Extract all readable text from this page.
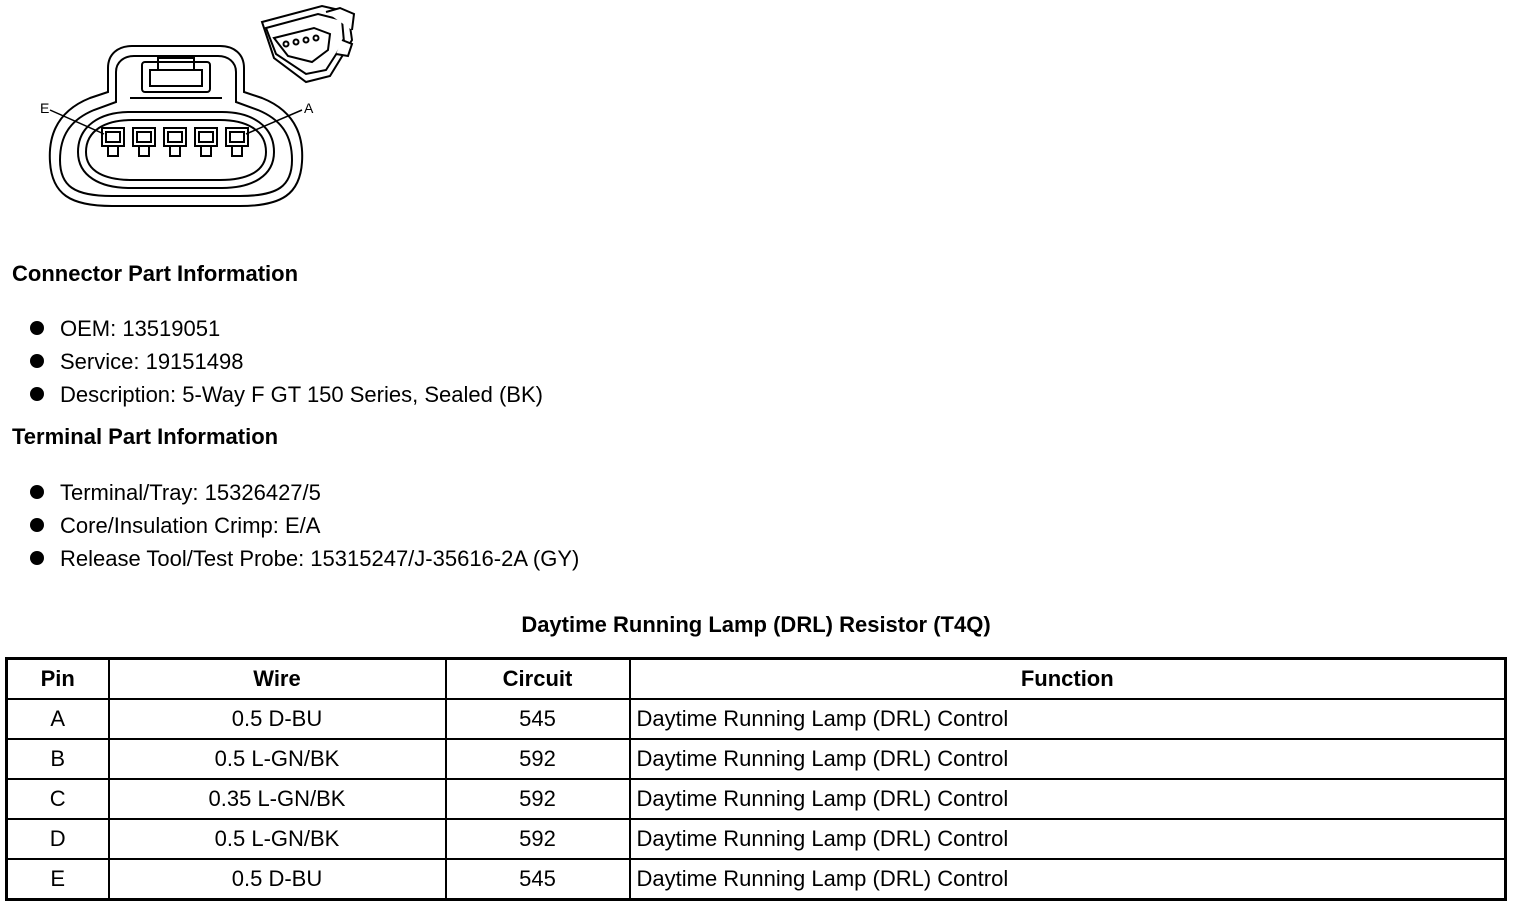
E	A
Connector Part Information
OEM: 13519051
Service: 19151498
Description: 5-Way F GT 150 Series, Sealed (BK)
Terminal Part Information
Terminal/Tray: 15326427/5
Core/Insulation Crimp: E/A
Release Tool/Test Probe: 15315247/J-35616-2A (GY)
Daytime Running Lamp (DRL) Resistor (T4Q)
Pin	Wire	Circuit	Function
A	0.5 D-BU	545	Daytime Running Lamp (DRL) Control
B	0.5 L-GN/BK	592	Daytime Running Lamp (DRL) Control
C	0.35 L-GN/BK	592	Daytime Running Lamp (DRL) Control
D	0.5 L-GN/BK	592	Daytime Running Lamp (DRL) Control
E	0.5 D-BU	545	Daytime Running Lamp (DRL) Control
